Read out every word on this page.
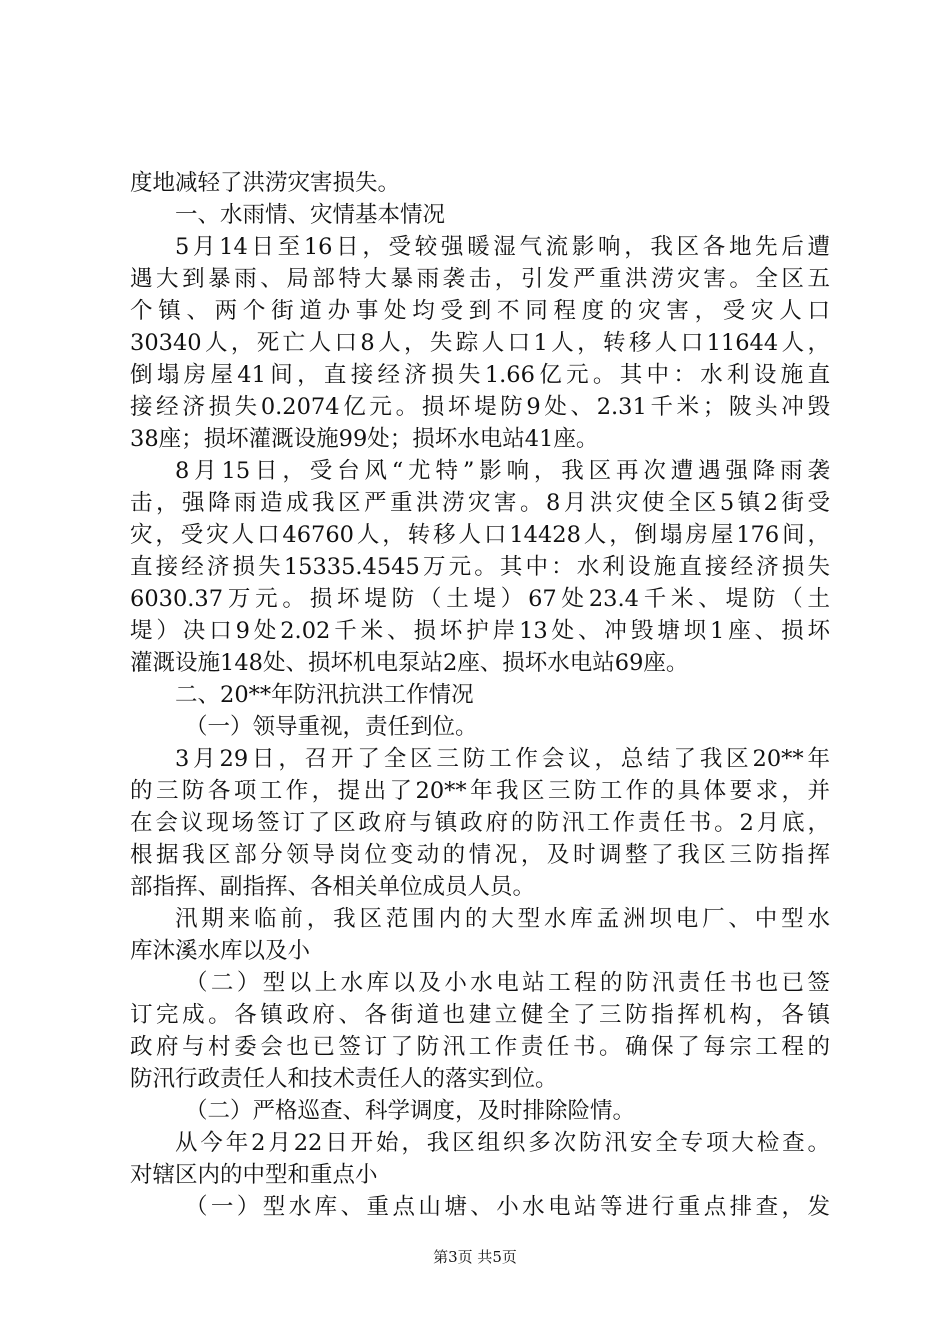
度地减轻了洪涝灾害损失。
一、水雨情、灾情基本情况
5月14日至16日，受较强暖湿气流影响，我区各地先后遭
遇大到暴雨、局部特大暴雨袭击，引发严重洪涝灾害。全区五
个镇、两个街道办事处均受到不同程度的灾害，受灾人口
30340人，死亡人口8人，失踪人口1人，转移人口11644人，
倒塌房屋41间，直接经济损失1.66亿元。其中：水利设施直
接经济损失0.2074亿元。损坏堤防9处、2.31千米；陂头冲毁
38座；损坏灌溉设施99处；损坏水电站41座。
8月15日，受台风“尤特”影响，我区再次遭遇强降雨袭
击，强降雨造成我区严重洪涝灾害。8月洪灾使全区5镇2街受
灾，受灾人口46760人，转移人口14428人，倒塌房屋176间，
直接经济损失15335.4545万元。其中：水利设施直接经济损失
6030.37万元。损坏堤防（土堤）67处23.4千米、堤防（土
堤）决口9处2.02千米、损坏护岸13处、冲毁塘坝1座、损坏
灌溉设施148处、损坏机电泵站2座、损坏水电站69座。
二、20**年防汛抗洪工作情况
（一）领导重视，责任到位。
3月29日，召开了全区三防工作会议，总结了我区20**年
的三防各项工作，提出了20**年我区三防工作的具体要求，并
在会议现场签订了区政府与镇政府的防汛工作责任书。2月底，
根据我区部分领导岗位变动的情况，及时调整了我区三防指挥
部指挥、副指挥、各相关单位成员人员。
汛期来临前，我区范围内的大型水库孟洲坝电厂、中型水
库沐溪水库以及小
（二）型以上水库以及小水电站工程的防汛责任书也已签
订完成。各镇政府、各街道也建立健全了三防指挥机构，各镇
政府与村委会也已签订了防汛工作责任书。确保了每宗工程的
防汛行政责任人和技术责任人的落实到位。
（二）严格巡查、科学调度，及时排除险情。
从今年2月22日开始，我区组织多次防汛安全专项大检查。
对辖区内的中型和重点小
（一）型水库、重点山塘、小水电站等进行重点排查，发
第3页 共5页
